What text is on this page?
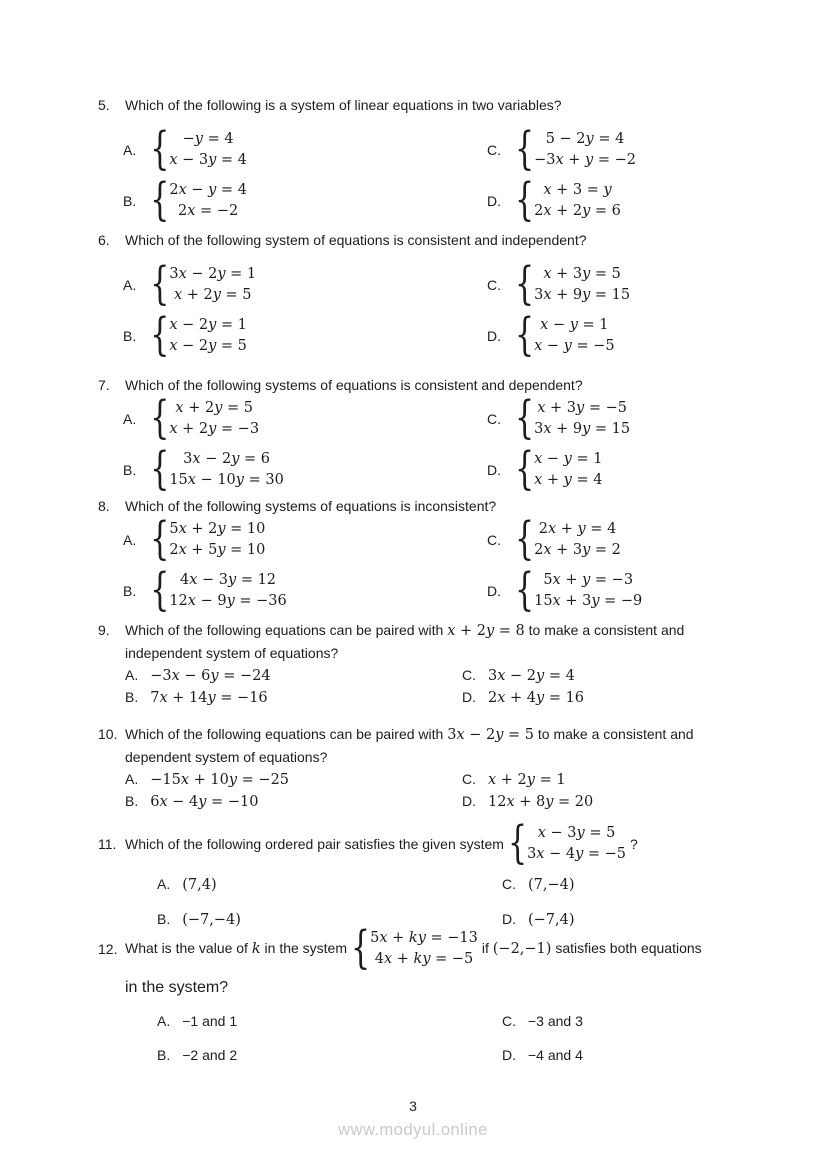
5.	Which of the following is a system of linear equations in two variables?
A. { −y = 4
x − 3y = 4
C. { 5 − 2y = 4
−3x + y = −2
B. { 2x − y = 4
2x = −2
D. { x + 3 = y
2x + 2y = 6
6.	Which of the following system of equations is consistent and independent?
A. { 3x − 2y = 1
x + 2y = 5
C. { x + 3y = 5
3x + 9y = 15
B. { x − 2y = 1
x − 2y = 5
D. { x − y = 1
x − y = −5
7.	Which of the following systems of equations is consistent and dependent?
A. { x + 2y = 5
x + 2y = −3
C. { x + 3y = −5
3x + 9y = 15
B. { 3x − 2y = 6
15x − 10y = 30
D. { x − y = 1
x + y = 4
8.	Which of the following systems of equations is inconsistent?
A. { 5x + 2y = 10
2x + 5y = 10
C. { 2x + y = 4
2x + 3y = 2
B. { 4x − 3y = 12
12x − 9y = −36
D. { 5x + y = −3
15x + 3y = −9
9.	Which of the following equations can be paired with x + 2y = 8 to make a consistent and
independent system of equations?
A. −3x − 6y = −24	C. 3x − 2y = 4
B. 7x + 14y = −16	D. 2x + 4y = 16
10. Which of the following equations can be paired with 3x − 2y = 5 to make a consistent and
dependent system of equations?
A. −15x + 10y = −25	C. x + 2y = 1
B. 6x − 4y = −10	D. 12x + 8y = 20
11. Which of the following ordered pair satisfies the given system { x − 3y = 5
3x − 4y = −5
?
A. (7,4)	C. (7,−4)
B. (−7,−4)	D. (−7,4)
12. What is the value of k in the system { 5x + ky = −13
4x + ky = −5
if (−2,−1) satisfies both equations
in the system?
A. −1 and 1	C. −3 and 3
B. −2 and 2	D. −4 and 4
3
www.modyul.online
